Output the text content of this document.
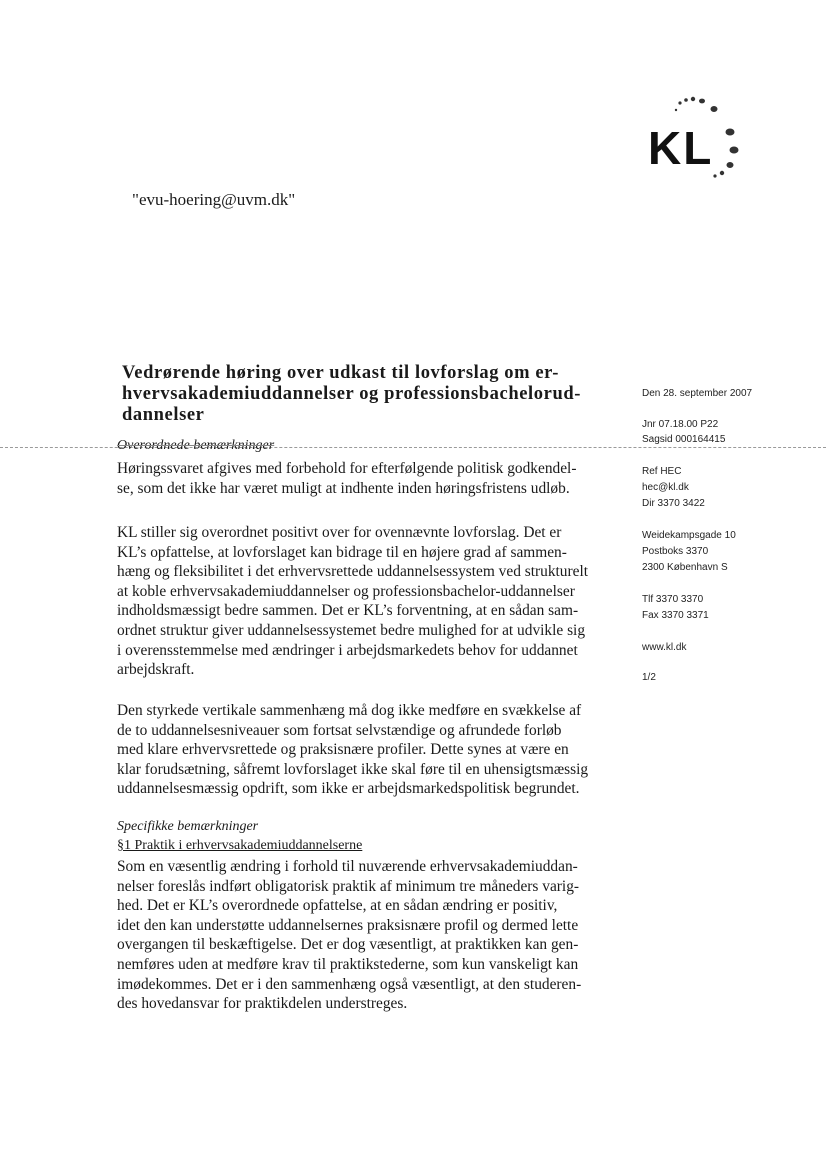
KL
"evu-hoering@uvm.dk"
Vedrørende høring over udkast til lovforslag om er-
hvervsakademiuddannelser og professionsbachelorud-
dannelser
Den 28. september 2007
Jnr 07.18.00 P22
Sagsid 000164415
Ref HEC
hec@kl.dk
Dir 3370 3422
Weidekampsgade 10
Postboks 3370
2300 København S
Tlf 3370 3370
Fax 3370 3371
www.kl.dk
1/2
Overordnede bemærkninger

Høringssvaret afgives med forbehold for efterfølgende politisk godkendel-
se, som det ikke har været muligt at indhente inden høringsfristens udløb.

KL stiller sig overordnet positivt over for ovennævnte lovforslag. Det er
KL’s opfattelse, at lovforslaget kan bidrage til en højere grad af sammen-
hæng og fleksibilitet i det erhvervsrettede uddannelsessystem ved strukturelt
at koble erhvervsakademiuddannelser og professionsbachelor-uddannelser
indholdsmæssigt bedre sammen. Det er KL’s forventning, at en sådan sam-
ordnet struktur giver uddannelsessystemet bedre mulighed for at udvikle sig
i overensstemmelse med ændringer i arbejdsmarkedets behov for uddannet
arbejdskraft.

Den styrkede vertikale sammenhæng må dog ikke medføre en svækkelse af
de to uddannelsesniveauer som fortsat selvstændige og afrundede forløb
med klare erhvervsrettede og praksisnære profiler. Dette synes at være en
klar forudsætning, såfremt lovforslaget ikke skal føre til en uhensigtsmæssig
uddannelsesmæssig opdrift, som ikke er arbejdsmarkedspolitisk begrundet.

Specifikke bemærkninger
§1 Praktik i erhvervsakademiuddannelserne

Som en væsentlig ændring i forhold til nuværende erhvervsakademiuddan-
nelser foreslås indført obligatorisk praktik af minimum tre måneders varig-
hed. Det er KL’s overordnede opfattelse, at en sådan ændring er positiv,
idet den kan understøtte uddannelsernes praksisnære profil og dermed lette
overgangen til beskæftigelse. Det er dog væsentligt, at praktikken kan gen-
nemføres uden at medføre krav til praktikstederne, som kun vanskeligt kan
imødekommes. Det er i den sammenhæng også væsentligt, at den studeren-
des hovedansvar for praktikdelen understreges.
